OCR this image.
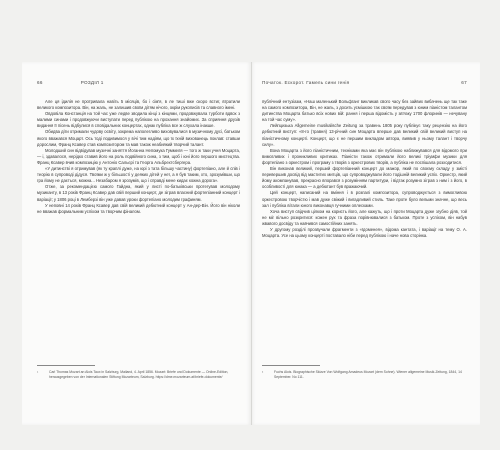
66	РОЗДІЛ 1

Але ця ідилія не протривала навіть 5 місяців, бо і сім'я, в ле тиші вже скоро встиг, втратили великого композитора. Він, на жаль, не залишив своїм дітям нічого, окрім рукописів та славного імені.

Овдовіла Констанція на той час уже ледве зводила кінці з кінцями, продовжувала турботи вдвох з малими синами і продовжуючи виступати перед публікою на прохання знайомих. За сприяння друзів видання її пісень відбулися в сповідальних концертах, однак публіка все ж слухала інакше.

Обидва діти отримали чудову освіту, зокрема наполегливо виховувалися в музичному дусі, батьком якого вважався Моцарт. Ось тоді подивимося у вічі тим надіям, що їх їхній вихованець поклав: ставши дорослим, Франц Ксавер став композитором та мав також неабиякий творчий талант.

Молодший син відвідував музичні заняття Йоганна Непомука Гуммеля — того ж таки учня Моцарта, — і, здавалося, нерідко ставив його на роль подвійного сина, з тим, щоб і юні його першого мистецтва. Франц Ксавер вчив композицію у Антоніо Сальєрі та Георга Альбрехтсбергера.

«У дитинстві я отримував (як ту краплі дуже, на юрі з тата більшу частину) фортепіано, але й спів і теорію в супроводі дідуся. Твоїми ж у більшості у деяких дітей у неї, а я був таким, хто, зрозумівши, що гра йому не дається, можна... Незабаром я зрозумів, що і справді мене кидає кожна дорога».

Отже, за рекомендацією самого Гайдна, який у листі по-батьківськи протегував молодому музиканту, в 13 років Франц Ксавер дав свій перший концерт, де зіграв власний фортепіанний концерт і варіації; у 1806 році в Лемберзі він уже давав уроки фортепіано молодим графиням.

У неповні 14 років Франц Ксавер дав свій великий дебютний концерт у Ан-дер-Він. Його він ніколи не вважав формальним успіхом та творчим фіналом.

¹	Carl Thomas Mozart an Alois Taux in Salzburg, Mailand, 4. April 1856. Mozart: Briefe und Dokumente — Online-Edition, herausgegeben von der Internationalen Stiftung Mozarteum, Salzburg. https://dme.mozarteum.at/briefe-dokumente/
Початок. Ескорот. Гамель сини генія	67

публічний ентузіазм, «Наш маленький Вольфганг викликав свого часу без зайвих вибачень ще так таке на самого композитора, Він, не жаль, з досить усмішкою так своїм передував з юним піаністом талантом дитинства Моцарта батько всіх нових вій: рання і перша відомість у зв'язку 1700 флоринів — нечувану на той час суму».

Лейпцизька Allgemeine musikalische Zeitung за травень 1805 року публікує таку рецензію на його дебютний виступ: «8-го (травня) 13-річний син Моцарта вперше дав великий свій великий виступ на піаністичному концерті. Концерт, що є не першим викладом автора, виявив у ньому талант і творчу силу».

Вона Моцарта з його піаністичним, техніками яка має він публікою наближувався для відомого при вимогливих і проникливих критиках. Піаністи також отримали його великі тріумфи музики для фортепіано з оркестром і програму з творів з оркестрових творів, а публіка не поспішала розходитися.

Він виконав великий, перший фортепіанний концерт до мажор, який по своєму складу у змісті перевершив досвід від маститих митців, що супроводжували його тодішній великий успіх. Оркестр, який йому акомпанував, прекрасно впорався з розумінням партитури, і відтак розумно зіграв з ним і з його, в особливості для юнака — а дебютант був вражаючий.

Цей концерт, написаний на вміння і в розпалі композитора, супроводжується з вимогливою оркестровою творчістю і мав дуже свіжий і вигадливий стиль. Таке проте було вельми значне, що весь зал і публіка вітали юного виконавця гучними оплесками.

Хоча виступ свідчив цілком на користь його, але кажуть, що і проти Моцарта дуже згубно діяв, той не міг вільно розкритися: кожен рух та фраза порівнювалися з батьком. Проте з успіхом, він набув жвавого досвіду та навчився самостійних занять.

У другому розділі прозвучали фрагменти з «Ідоменея», відома кантата, і варіації на тему О. А. Моцарта. Усе на цьому концерті поставало ніби перед публікою і наче нова сторінка.

²	Fuchs Alois. Biographische Skizze Von Wolfgang Amadeus Mozart (dem Sohne). Wiener allgemeine Musik-Zeitung, 1844, 14 September. No 111.
